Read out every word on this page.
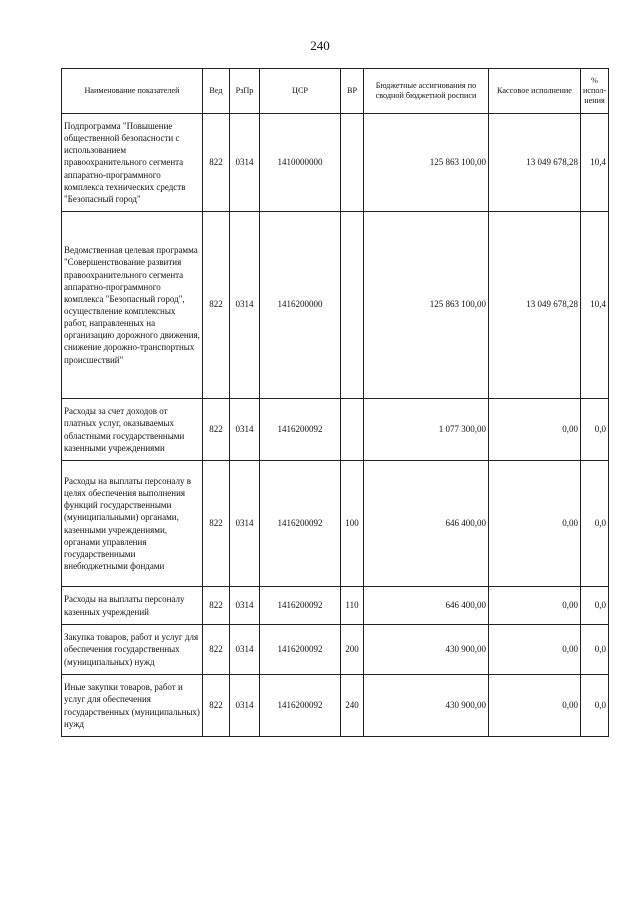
240
Наименование показателей	Вед	РзПр	ЦСР	ВР	Бюджетные ассигнования по сводной бюджетной росписи	Кассовое исполнение	% испол-нения
Подпрограмма "Повышение общественной безопасности с использованием правоохранительного сегмента аппаратно-программного комплекса технических средств "Безопасный город"	822	0314	1410000000		125 863 100,00	13 049 678,28	10,4
Ведомственная целевая программа "Совершенствование развития правоохранительного сегмента аппаратно-программного комплекса "Безопасный город", осуществление комплексных работ, направленных на организацию дорожного движения, снижение дорожно-транспортных происшествий"	822	0314	1416200000		125 863 100,00	13 049 678,28	10,4
Расходы за счет доходов от платных услуг, оказываемых областными государственными казенными учреждениями	822	0314	1416200092		1 077 300,00	0,00	0,0
Расходы на выплаты персоналу в целях обеспечения выполнения функций государственными (муниципальными) органами, казенными учреждениями, органами управления государственными внебюджетными фондами	822	0314	1416200092	100	646 400,00	0,00	0,0
Расходы на выплаты персоналу казенных учреждений	822	0314	1416200092	110	646 400,00	0,00	0,0
Закупка товаров, работ и услуг для обеспечения государственных (муниципальных) нужд	822	0314	1416200092	200	430 900,00	0,00	0,0
Иные закупки товаров, работ и услуг для обеспечения государственных (муниципальных) нужд	822	0314	1416200092	240	430 900,00	0,00	0,0
